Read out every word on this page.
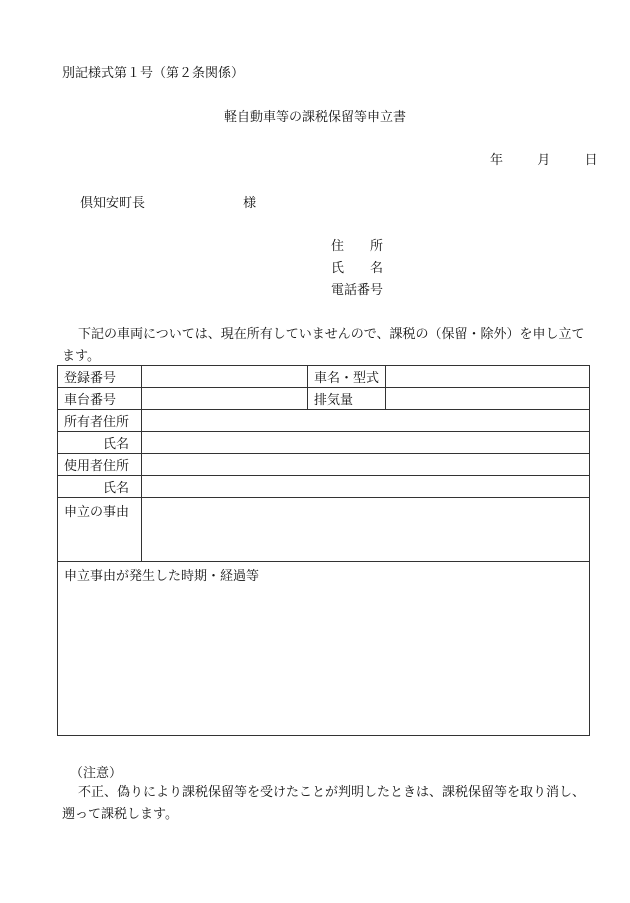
別記様式第１号（第２条関係）
軽自動車等の課税保留等申立書
年	月	日
倶知安町長	様
住　　所
氏　　名
電話番号
下記の車両については、現在所有していませんので、課税の（保留・除外）を申し立てます。
登録番号		車名・型式	
車台番号		排気量	
所有者住所			
氏名			
使用者住所			
氏名			
申立の事由			
申立事由が発生した時期・経過等			
（注意）
不正、偽りにより課税保留等を受けたことが判明したときは、課税保留等を取り消し、遡って課税します。
